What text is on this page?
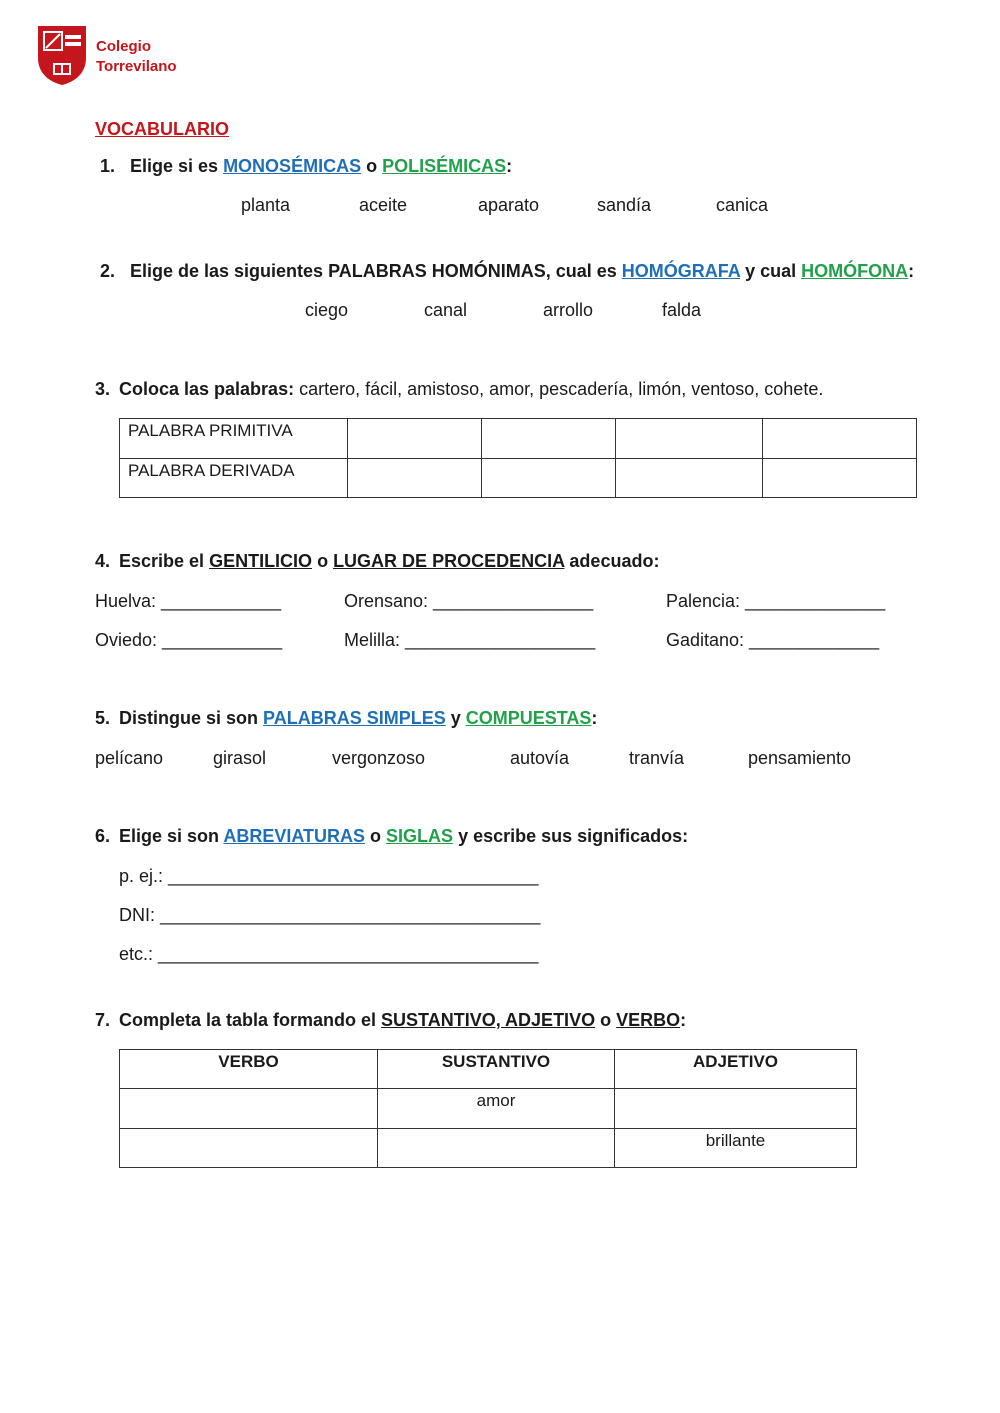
Colegio
Torrevilano
VOCABULARIO
1. Elige si es MONOSÉMICAS o POLISÉMICAS:
planta	aceite	aparato	sandía	canica
2. Elige de las siguientes PALABRAS HOMÓNIMAS, cual es HOMÓGRAFA y cual HOMÓFONA:
ciego	canal	arrollo	falda
3. Coloca las palabras: cartero, fácil, amistoso, amor, pescadería, limón, ventoso, cohete.
PALABRA PRIMITIVA				
PALABRA DERIVADA				
4. Escribe el GENTILICIO o LUGAR DE PROCEDENCIA adecuado:
Huelva: ____________	Orensano: ________________	Palencia: ______________
Oviedo: ____________	Melilla: ___________________	Gaditano: _____________
5. Distingue si son PALABRAS SIMPLES y COMPUESTAS:
pelícano	girasol	vergonzoso	autovía	tranvía	pensamiento
6. Elige si son ABREVIATURAS o SIGLAS y escribe sus significados:
p. ej.: _____________________________________
DNI: ______________________________________
etc.: ______________________________________
7. Completa la tabla formando el SUSTANTIVO, ADJETIVO o VERBO:
VERBO	SUSTANTIVO	ADJETIVO
	amor	
		brillante
